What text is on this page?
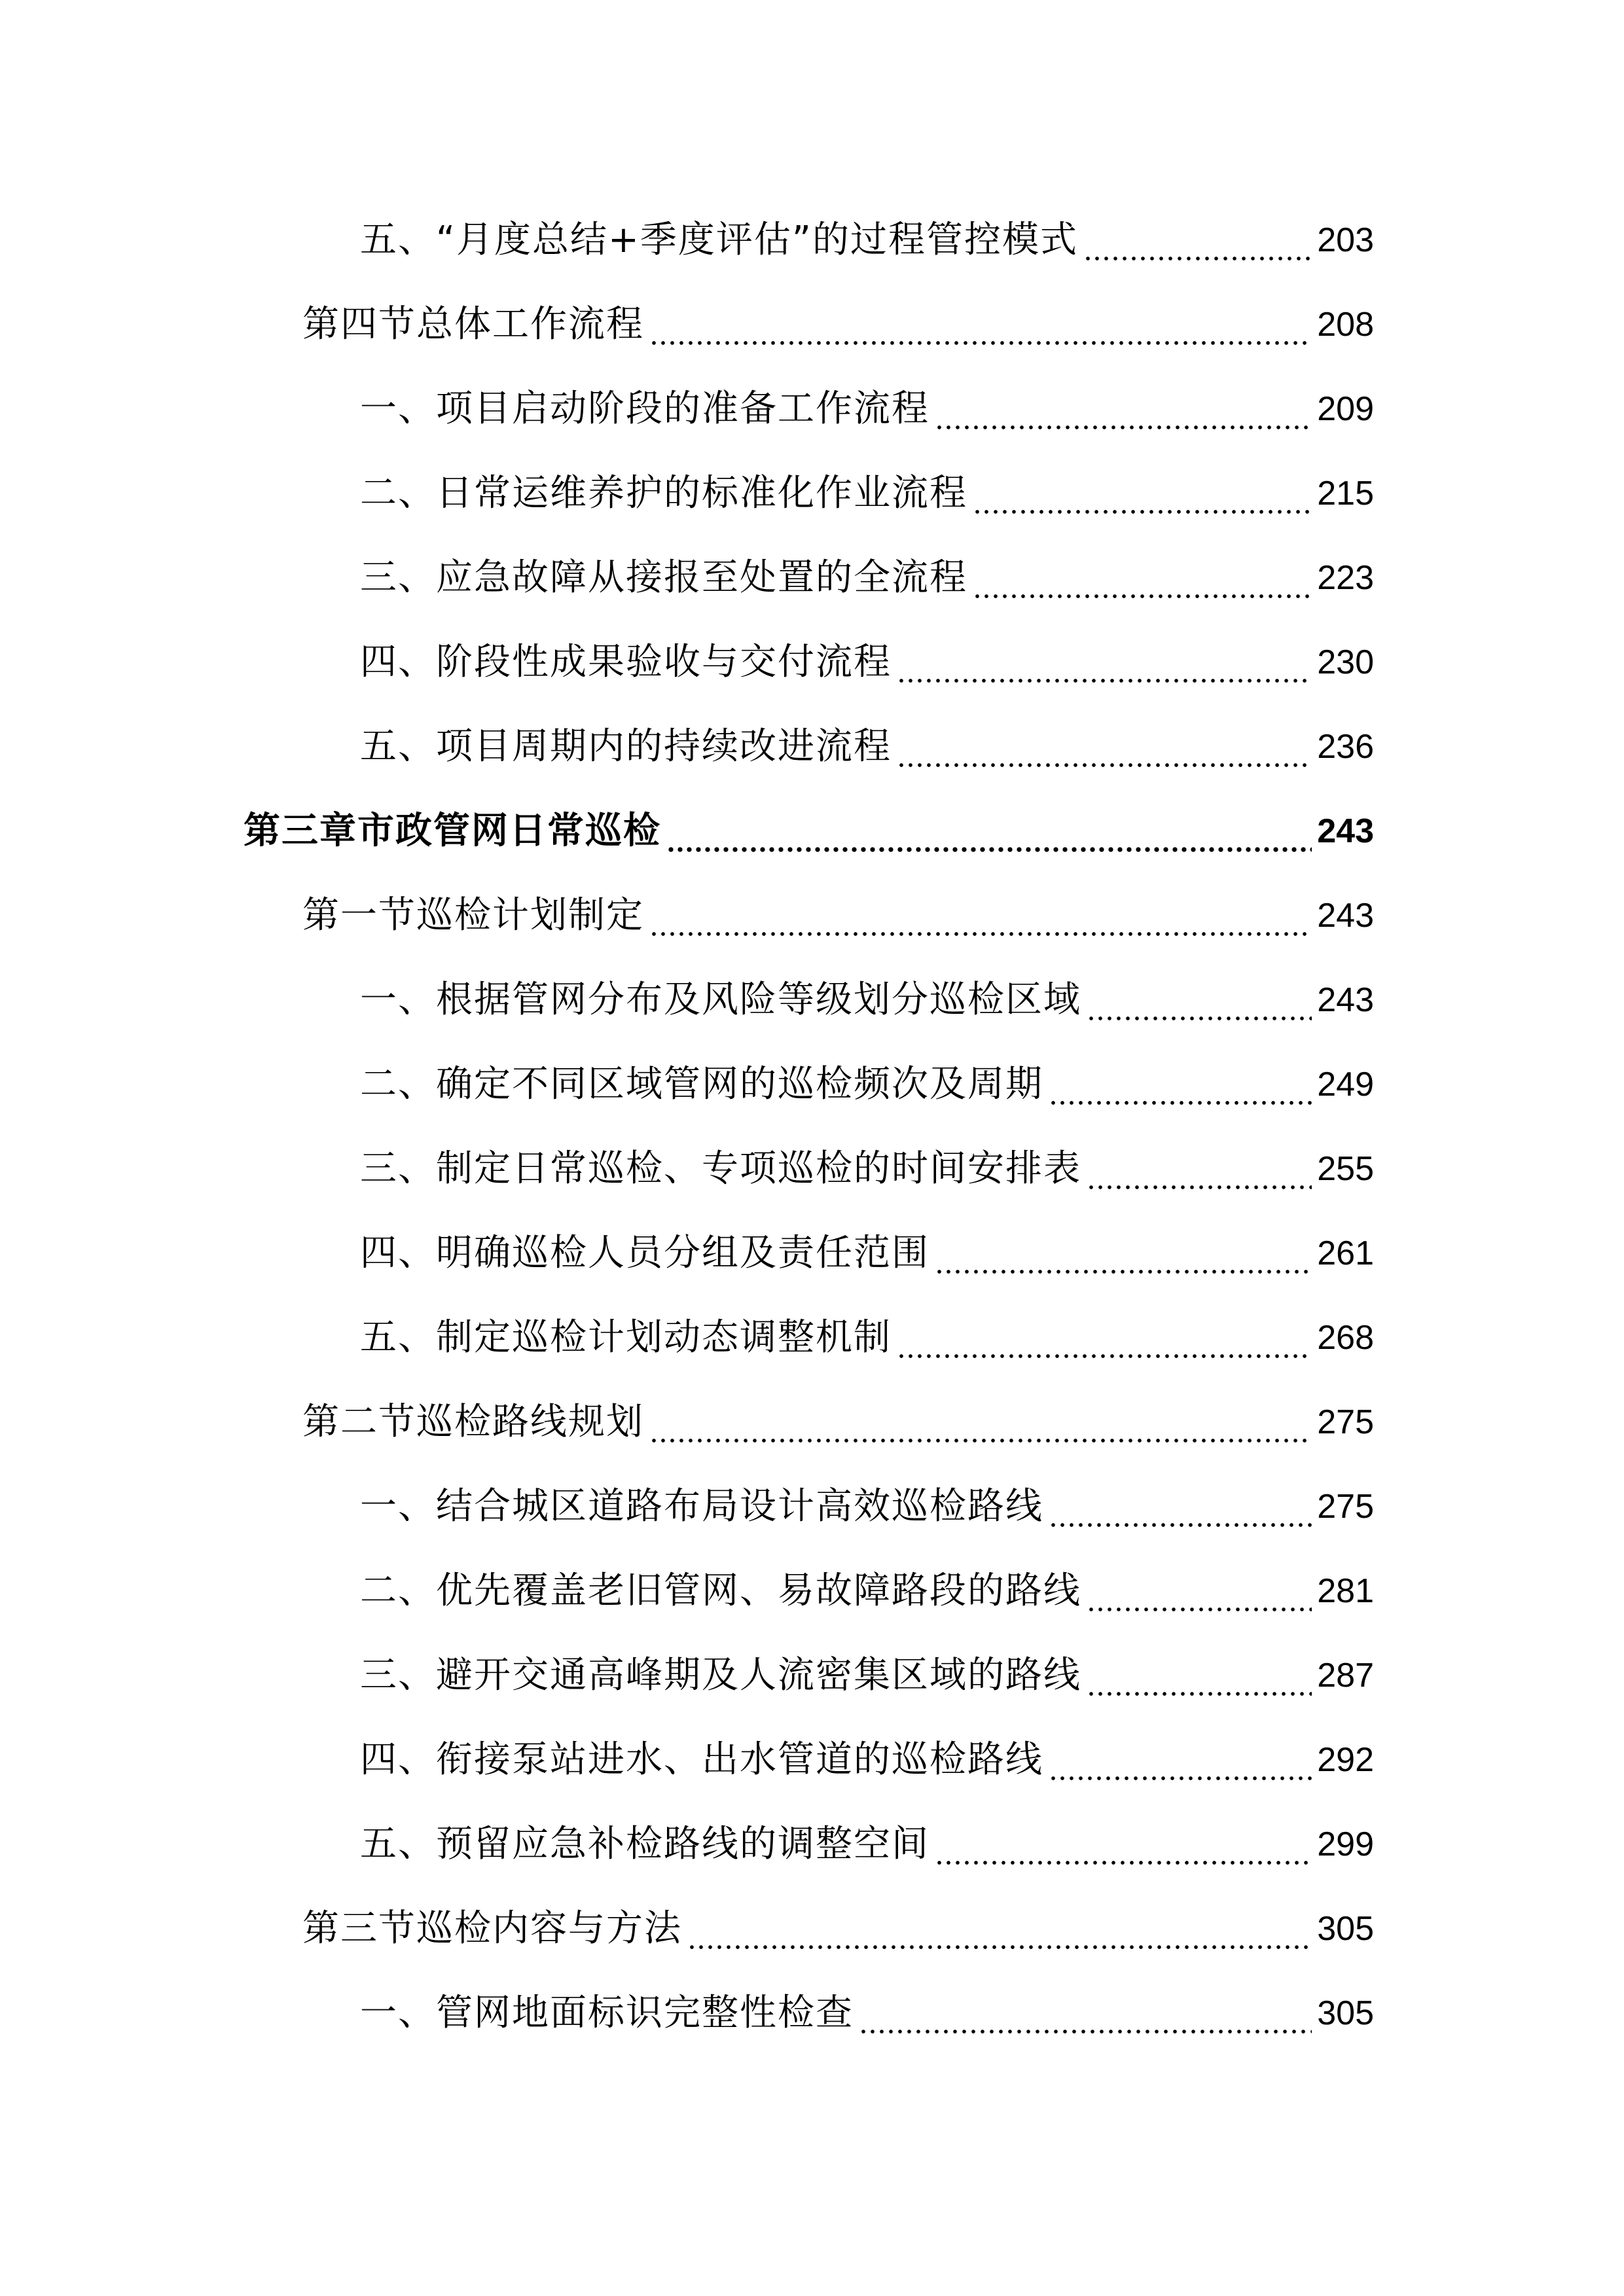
五、“月度总结+季度评估”的过程管控模式	203
第四节总体工作流程	208
一、项目启动阶段的准备工作流程	209
二、日常运维养护的标准化作业流程	215
三、应急故障从接报至处置的全流程	223
四、阶段性成果验收与交付流程	230
五、项目周期内的持续改进流程	236
第三章市政管网日常巡检	243
第一节巡检计划制定	243
一、根据管网分布及风险等级划分巡检区域	243
二、确定不同区域管网的巡检频次及周期	249
三、制定日常巡检、专项巡检的时间安排表	255
四、明确巡检人员分组及责任范围	261
五、制定巡检计划动态调整机制	268
第二节巡检路线规划	275
一、结合城区道路布局设计高效巡检路线	275
二、优先覆盖老旧管网、易故障路段的路线	281
三、避开交通高峰期及人流密集区域的路线	287
四、衔接泵站进水、出水管道的巡检路线	292
五、预留应急补检路线的调整空间	299
第三节巡检内容与方法	305
一、管网地面标识完整性检查	305
